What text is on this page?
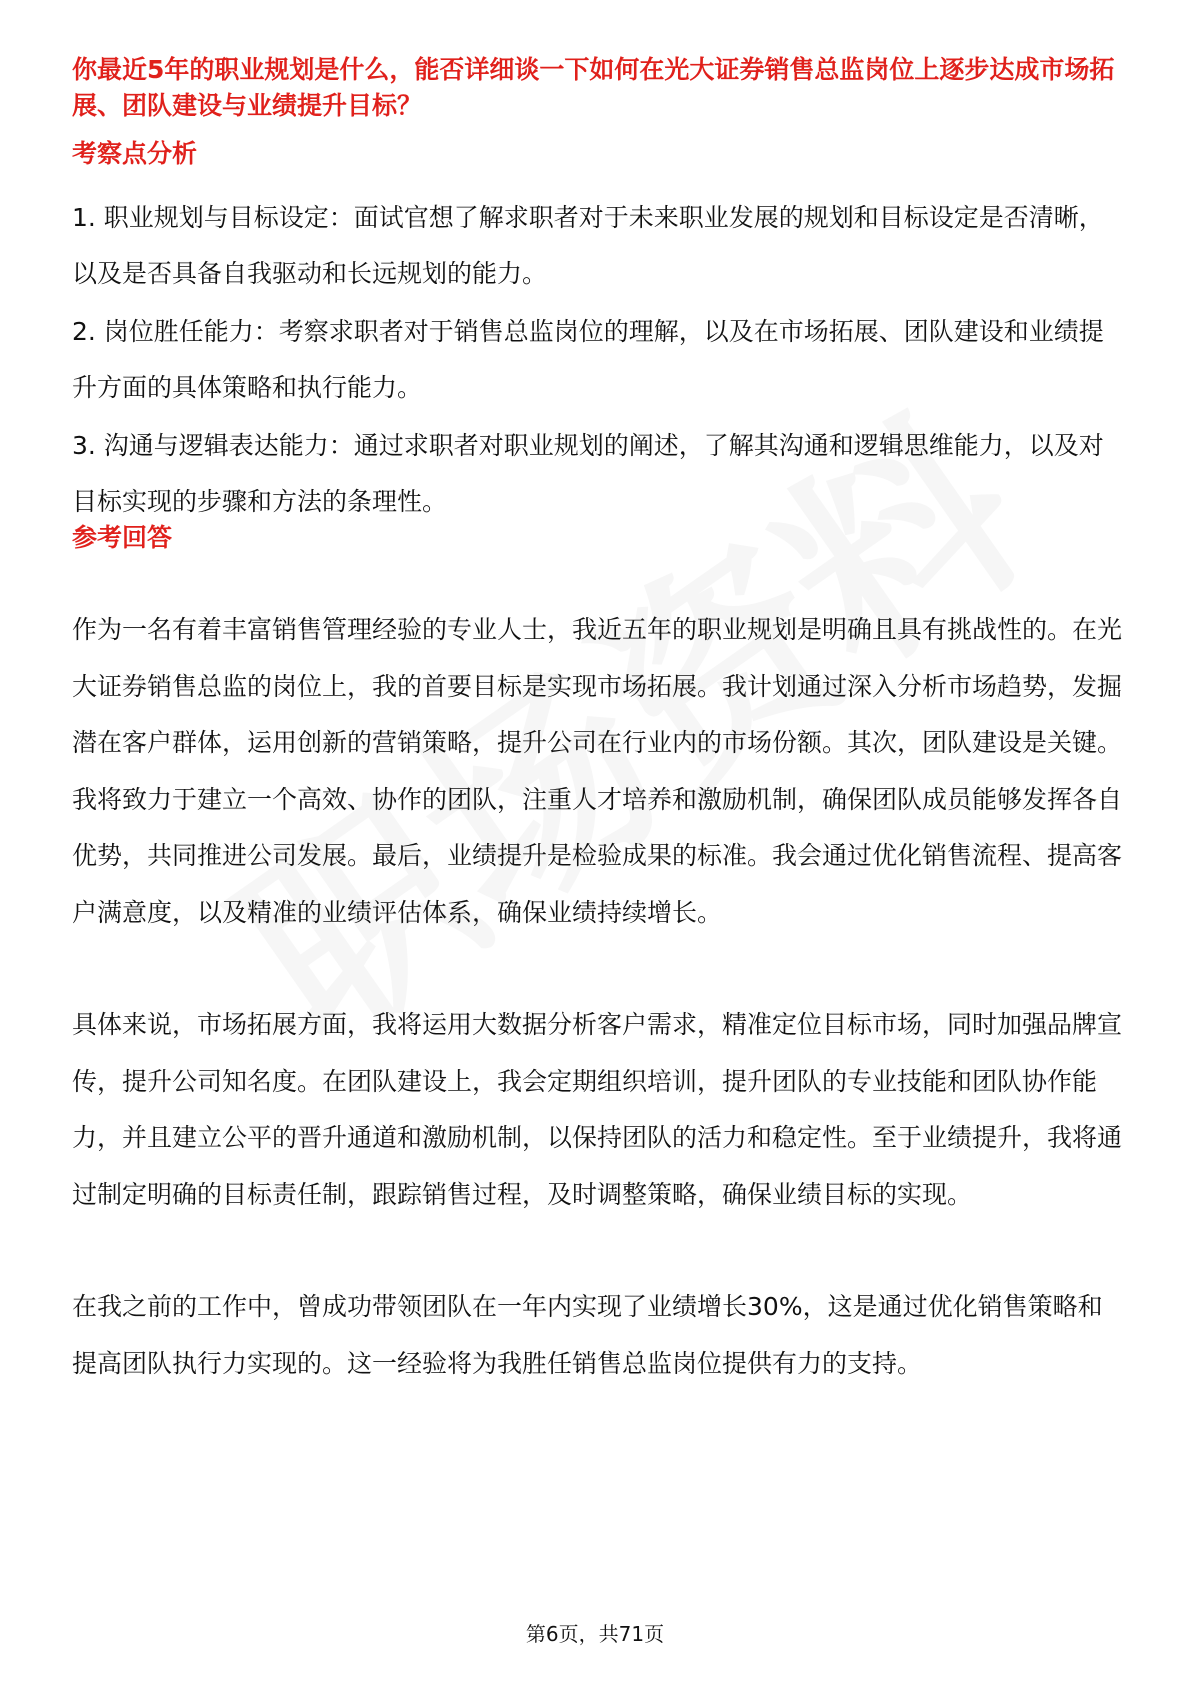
你最近5年的职业规划是什么，能否详细谈一下如何在光大证券销售总监岗位上逐步达成市场拓展、团队建设与业绩提升目标？
考察点分析
1. 职业规划与目标设定：面试官想了解求职者对于未来职业发展的规划和目标设定是否清晰，以及是否具备自我驱动和长远规划的能力。
2. 岗位胜任能力：考察求职者对于销售总监岗位的理解，以及在市场拓展、团队建设和业绩提升方面的具体策略和执行能力。
3. 沟通与逻辑表达能力：通过求职者对职业规划的阐述，了解其沟通和逻辑思维能力，以及对目标实现的步骤和方法的条理性。
参考回答

作为一名有着丰富销售管理经验的专业人士，我近五年的职业规划是明确且具有挑战性的。在光大证券销售总监的岗位上，我的首要目标是实现市场拓展。我计划通过深入分析市场趋势，发掘潜在客户群体，运用创新的营销策略，提升公司在行业内的市场份额。其次，团队建设是关键。我将致力于建立一个高效、协作的团队，注重人才培养和激励机制，确保团队成员能够发挥各自优势，共同推进公司发展。最后，业绩提升是检验成果的标准。我会通过优化销售流程、提高客户满意度，以及精准的业绩评估体系，确保业绩持续增长。

具体来说，市场拓展方面，我将运用大数据分析客户需求，精准定位目标市场，同时加强品牌宣传，提升公司知名度。在团队建设上，我会定期组织培训，提升团队的专业技能和团队协作能力，并且建立公平的晋升通道和激励机制，以保持团队的活力和稳定性。至于业绩提升，我将通过制定明确的目标责任制，跟踪销售过程，及时调整策略，确保业绩目标的实现。

在我之前的工作中，曾成功带领团队在一年内实现了业绩增长30%，这是通过优化销售策略和提高团队执行力实现的。这一经验将为我胜任销售总监岗位提供有力的支持。

第6页，共71页
